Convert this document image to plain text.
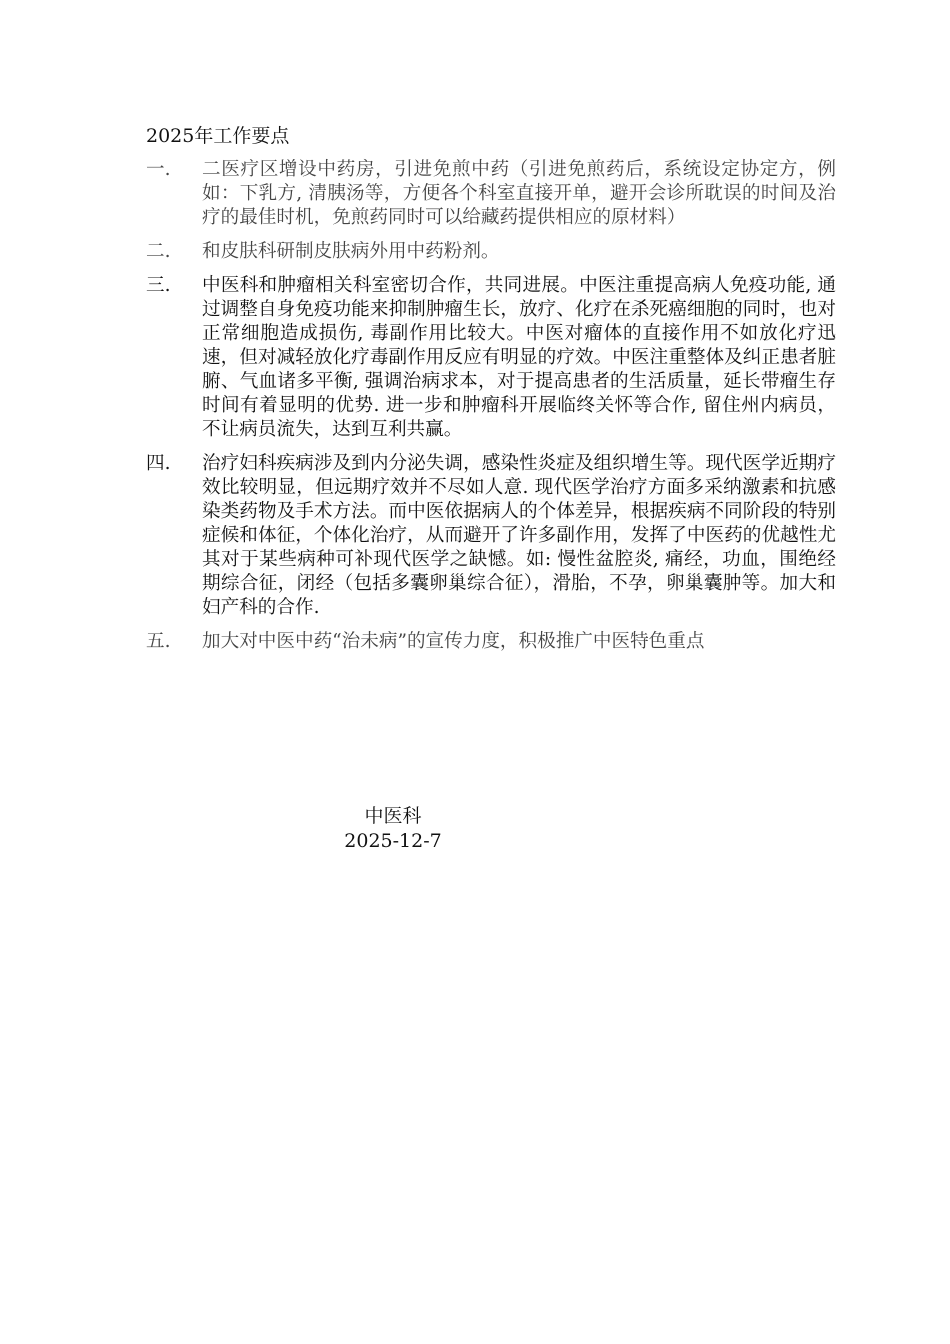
2025年工作要点
一.	二医疗区增设中药房，引进免煎中药（引进免煎药后，系统设定协定方，例如：下乳方, 清胰汤等，方便各个科室直接开单，避开会诊所耽误的时间及治疗的最佳时机，免煎药同时可以给藏药提供相应的原材料）
二.	和皮肤科研制皮肤病外用中药粉剂。
三.	中医科和肿瘤相关科室密切合作，共同进展。中医注重提高病人免疫功能, 通过调整自身免疫功能来抑制肿瘤生长，放疗、化疗在杀死癌细胞的同时，也对正常细胞造成损伤, 毒副作用比较大。中医对瘤体的直接作用不如放化疗迅速，但对减轻放化疗毒副作用反应有明显的疗效。中医注重整体及纠正患者脏腑、气血诸多平衡, 强调治病求本，对于提高患者的生活质量，延长带瘤生存时间有着显明的优势. 进一步和肿瘤科开展临终关怀等合作, 留住州内病员，不让病员流失，达到互利共赢。
四.	治疗妇科疾病涉及到内分泌失调，感染性炎症及组织增生等。现代医学近期疗效比较明显，但远期疗效并不尽如人意. 现代医学治疗方面多采纳激素和抗感染类药物及手术方法。而中医依据病人的个体差异，根据疾病不同阶段的特别症候和体征，个体化治疗，从而避开了许多副作用，发挥了中医药的优越性尤其对于某些病种可补现代医学之缺憾。如: 慢性盆腔炎, 痛经，功血，围绝经期综合征，闭经（包括多囊卵巢综合征），滑胎，不孕，卵巢囊肿等。加大和妇产科的合作.
五.	加大对中医中药“治未病”的宣传力度，积极推广中医特色重点
中医科
2025-12-7
